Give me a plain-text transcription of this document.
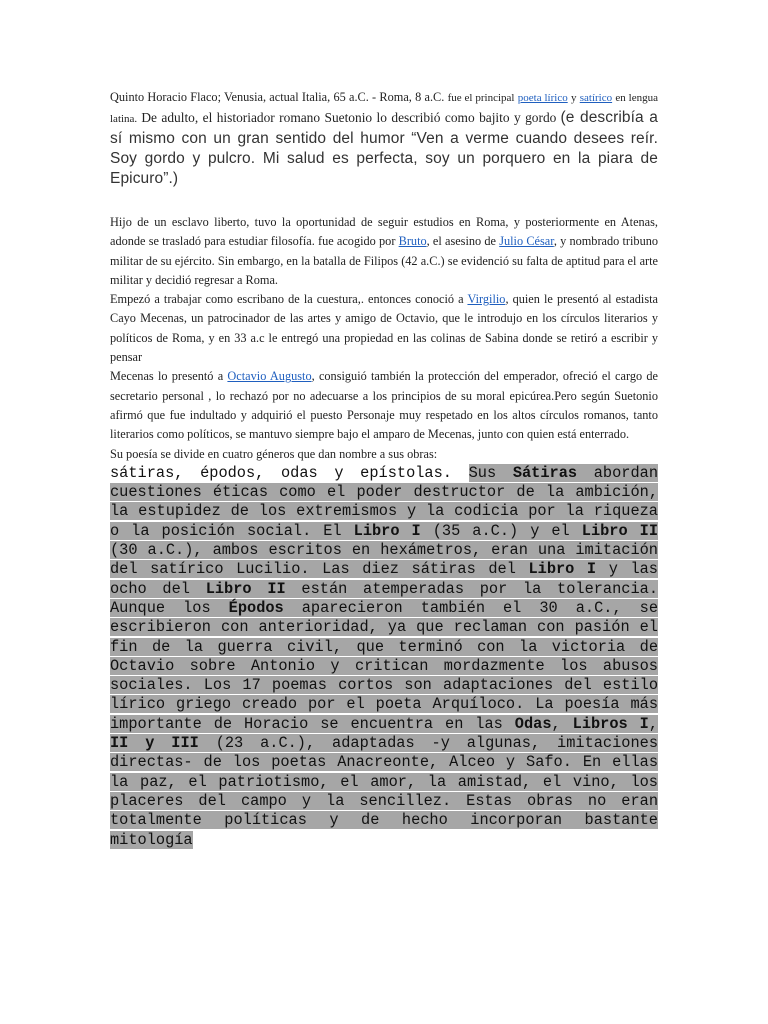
Quinto Horacio Flaco; Venusia, actual Italia, 65 a.C. - Roma, 8 a.C. fue el principal poeta lírico y satírico en lengua latina. De adulto, el historiador romano Suetonio lo describió como bajito y gordo (e describía a sí mismo con un gran sentido del humor “Ven a verme cuando desees reír. Soy gordo y pulcro. Mi salud es perfecta, soy un porquero en la piara de Epicuro”.)

Hijo de un esclavo liberto, tuvo la oportunidad de seguir estudios en Roma, y posteriormente en Atenas, adonde se trasladó para estudiar filosofía. fue acogido por Bruto, el asesino de Julio César, y nombrado tribuno militar de su ejército. Sin embargo, en la batalla de Filipos (42 a.C.) se evidenció su falta de aptitud para el arte militar y decidió regresar a Roma.

Empezó a trabajar como escribano de la cuestura,. entonces conoció a Virgilio, quien le presentó al estadista Cayo Mecenas, un patrocinador de las artes y amigo de Octavio, que le introdujo en los círculos literarios y políticos de Roma, y en 33 a.c le entregó una propiedad en las colinas de Sabina donde se retiró a escribir y pensar

Mecenas lo presentó a Octavio Augusto, consiguió también la protección del emperador, ofreció el cargo de secretario personal , lo rechazó por no adecuarse a los principios de su moral epicúrea.Pero según Suetonio afirmó que fue indultado y adquirió el puesto Personaje muy respetado en los altos círculos romanos, tanto literarios como políticos, se mantuvo siempre bajo el amparo de Mecenas, junto con quien está enterrado.

Su poesía se divide en cuatro géneros que dan nombre a sus obras:

sátiras, épodos, odas y epístolas. Sus Sátiras abordan cuestiones éticas como el poder destructor de la ambición, la estupidez de los extremismos y la codicia por la riqueza o la posición social. El Libro I (35 a.C.) y el Libro II (30 a.C.), ambos escritos en hexámetros, eran una imitación del satírico Lucilio. Las diez sátiras del Libro I y las ocho del Libro II están atemperadas por la tolerancia. Aunque los Épodos aparecieron también el 30 a.C., se escribieron con anterioridad, ya que reclaman con pasión el fin de la guerra civil, que terminó con la victoria de Octavio sobre Antonio y critican mordazmente los abusos sociales. Los 17 poemas cortos son adaptaciones del estilo lírico griego creado por el poeta Arquíloco. La poesía más importante de Horacio se encuentra en las Odas, Libros I, II y III (23 a.C.), adaptadas -y algunas, imitaciones directas- de los poetas Anacreonte, Alceo y Safo. En ellas la paz, el patriotismo, el amor, la amistad, el vino, los placeres del campo y la sencillez. Estas obras no eran totalmente políticas y de hecho incorporan bastante mitología
